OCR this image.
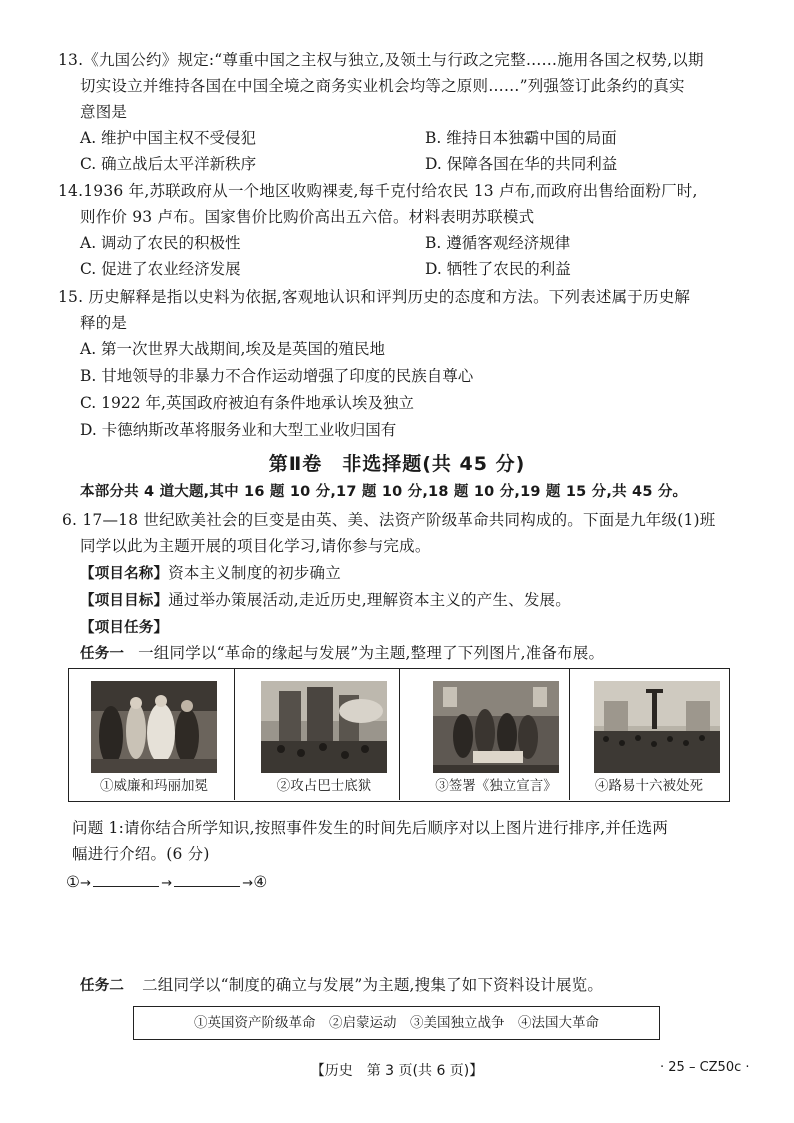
13.《九国公约》规定:“尊重中国之主权与独立,及领土与行政之完整……施用各国之权势,以期
切实设立并维持各国在中国全境之商务实业机会均等之原则……”列强签订此条约的真实
意图是
A. 维护中国主权不受侵犯	B. 维持日本独霸中国的局面
C. 确立战后太平洋新秩序	D. 保障各国在华的共同利益
14.1936 年,苏联政府从一个地区收购裸麦,每千克付给农民 13 卢布,而政府出售给面粉厂时,
则作价 93 卢布。国家售价比购价高出五六倍。材料表明苏联模式
A. 调动了农民的积极性	B. 遵循客观经济规律
C. 促进了农业经济发展	D. 牺牲了农民的利益
15. 历史解释是指以史料为依据,客观地认识和评判历史的态度和方法。下列表述属于历史解
释的是
A. 第一次世界大战期间,埃及是英国的殖民地
B. 甘地领导的非暴力不合作运动增强了印度的民族自尊心
C. 1922 年,英国政府被迫有条件地承认埃及独立
D. 卡德纳斯改革将服务业和大型工业收归国有
第Ⅱ卷　非选择题(共 45 分)
本部分共 4 道大题,其中 16 题 10 分,17 题 10 分,18 题 10 分,19 题 15 分,共 45 分。
6. 17—18 世纪欧美社会的巨变是由英、美、法资产阶级革命共同构成的。下面是九年级(1)班
同学以此为主题开展的项目化学习,请你参与完成。
【项目名称】资本主义制度的初步确立
【项目目标】通过举办策展活动,走近历史,理解资本主义的产生、发展。
【项目任务】
任务一 一组同学以“革命的缘起与发展”为主题,整理了下列图片,准备布展。
①威廉和玛丽加冕	②攻占巴士底狱	③签署《独立宣言》	④路易十六被处死
问题 1:请你结合所学知识,按照事件发生的时间先后顺序对以上图片进行排序,并任选两
幅进行介绍。(6 分)
①→	→	→④
任务二 二组同学以“制度的确立与发展”为主题,搜集了如下资料设计展览。
①英国资产阶级革命　②启蒙运动　③美国独立战争　④法国大革命
【历史　第 3 页(共 6 页)】	· 25 – CZ50c ·
